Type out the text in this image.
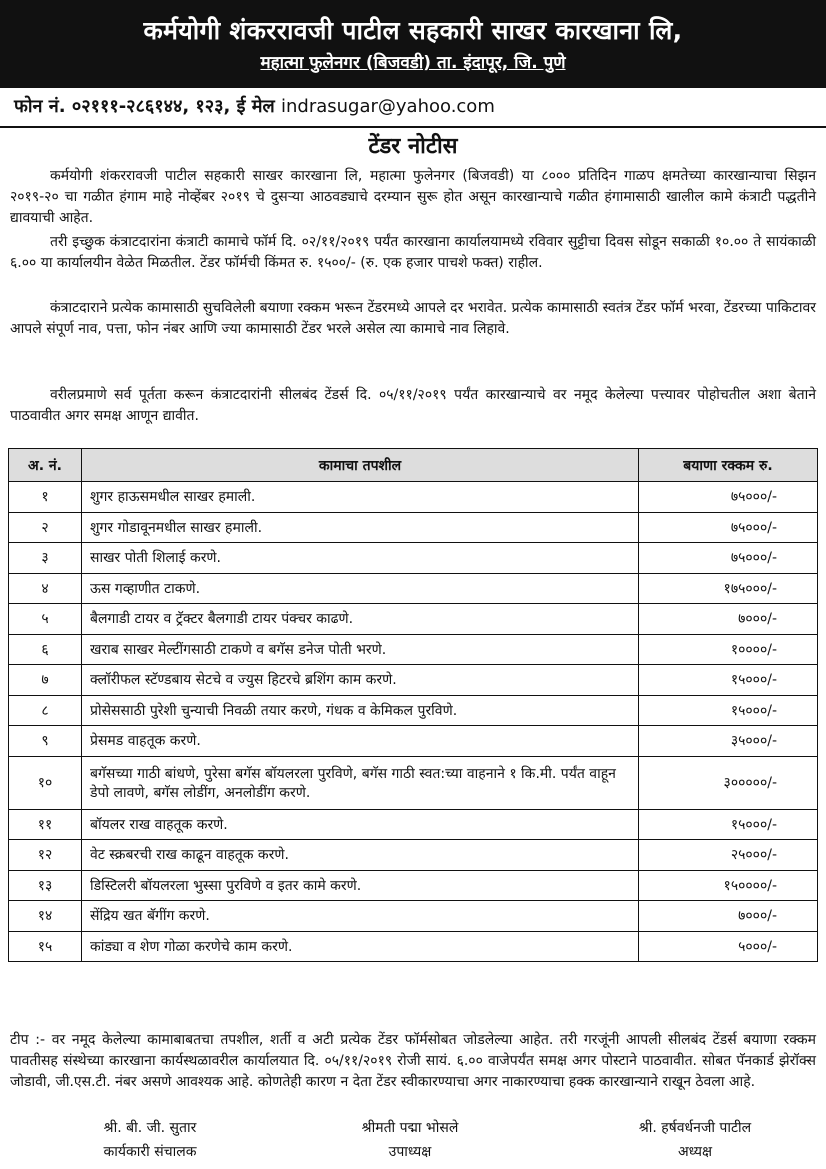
कर्मयोगी शंकररावजी पाटील सहकारी साखर कारखाना लि,
महात्मा फुलेनगर (बिजवडी) ता. इंदापूर, जि. पुणे
फोन नं. ०२१११-२८६१४४, १२३, ई मेल indrasugar@yahoo.com
टेंडर नोटीस

कर्मयोगी शंकररावजी पाटील सहकारी साखर कारखाना लि, महात्मा फुलेनगर (बिजवडी) या ८००० प्रतिदिन गाळप क्षमतेच्या कारखान्याचा सिझन २०१९-२० चा गळीत हंगाम माहे नोव्हेंबर २०१९ चे दुसऱ्या आठवड्याचे दरम्यान सुरू होत असून कारखान्याचे गळीत हंगामासाठी खालील कामे कंत्राटी पद्धतीने द्यावयाची आहेत.

तरी इच्छुक कंत्राटदारांना कंत्राटी कामाचे फॉर्म दि. ०२/११/२०१९ पर्यंत कारखाना कार्यालयामध्ये रविवार सुट्टीचा दिवस सोडून सकाळी १०.०० ते सायंकाळी ६.०० या कार्यालयीन वेळेत मिळतील. टेंडर फॉर्मची किंमत रु. १५००/- (रु. एक हजार पाचशे फक्त) राहील.

कंत्राटदाराने प्रत्येक कामासाठी सुचविलेली बयाणा रक्कम भरून टेंडरमध्ये आपले दर भरावेत. प्रत्येक कामासाठी स्वतंत्र टेंडर फॉर्म भरवा, टेंडरच्या पाकिटावर आपले संपूर्ण नाव, पत्ता, फोन नंबर आणि ज्या कामासाठी टेंडर भरले असेल त्या कामाचे नाव लिहावे.

वरीलप्रमाणे सर्व पूर्तता करून कंत्राटदारांनी सीलबंद टेंडर्स दि. ०५/११/२०१९ पर्यंत कारखान्याचे वर नमूद केलेल्या पत्त्यावर पोहोचतील अशा बेताने पाठवावीत अगर समक्ष आणून द्यावीत.

अ. नं.	कामाचा तपशील	बयाणा रक्कम रु.
१	शुगर हाऊसमधील साखर हमाली.	७५०००/-
२	शुगर गोडावूनमधील साखर हमाली.	७५०००/-
३	साखर पोती शिलाई करणे.	७५०००/-
४	ऊस गव्हाणीत टाकणे.	१७५०००/-
५	बैलगाडी टायर व ट्रॅक्टर बैलगाडी टायर पंक्चर काढणे.	७०००/-
६	खराब साखर मेल्टींगसाठी टाकणे व बगॅस डनेज पोती भरणे.	१००००/-
७	क्लॉरीफल स्टॅण्डबाय सेटचे व ज्युस हिटरचे ब्रशिंग काम करणे.	१५०००/-
८	प्रोसेससाठी पुरेशी चुन्याची निवळी तयार करणे, गंधक व केमिकल पुरविणे.	१५०००/-
९	प्रेसमड वाहतूक करणे.	३५०००/-
१०	बगॅसच्या गाठी बांधणे, पुरेसा बगॅस बॉयलरला पुरविणे, बगॅस गाठी स्वत:च्या वाहनाने १ कि.मी. पर्यंत वाहून डेपो लावणे, बगॅस लोडींग, अनलोडींग करणे.	३०००००/-
११	बॉयलर राख वाहतूक करणे.	१५०००/-
१२	वेट स्क्रबरची राख काढून वाहतूक करणे.	२५०००/-
१३	डिस्टिलरी बॉयलरला भुस्सा पुरविणे व इतर कामे करणे.	१५००००/-
१४	सेंद्रिय खत बॅगींग करणे.	७०००/-
१५	कांड्या व शेण गोळा करणेचे काम करणे.	५०००/-

टीप :- वर नमूद केलेल्या कामाबाबतचा तपशील, शर्ती व अटी प्रत्येक टेंडर फॉर्मसोबत जोडलेल्या आहेत. तरी गरजूंनी आपली सीलबंद टेंडर्स बयाणा रक्कम पावतीसह संस्थेच्या कारखाना कार्यस्थळावरील कार्यालयात दि. ०५/११/२०१९ रोजी सायं. ६.०० वाजेपर्यंत समक्ष अगर पोस्टाने पाठवावीत. सोबत पॅनकार्ड झेरॉक्स जोडावी, जी.एस.टी. नंबर असणे आवश्यक आहे. कोणतेही कारण न देता टेंडर स्वीकारण्याचा अगर नाकारण्याचा हक्क कारखान्याने राखून ठेवला आहे.

श्री. बी. जी. सुतार
कार्यकारी संचालक
श्रीमती पद्मा भोसले
उपाध्यक्ष
श्री. हर्षवर्धनजी पाटील
अध्यक्ष
